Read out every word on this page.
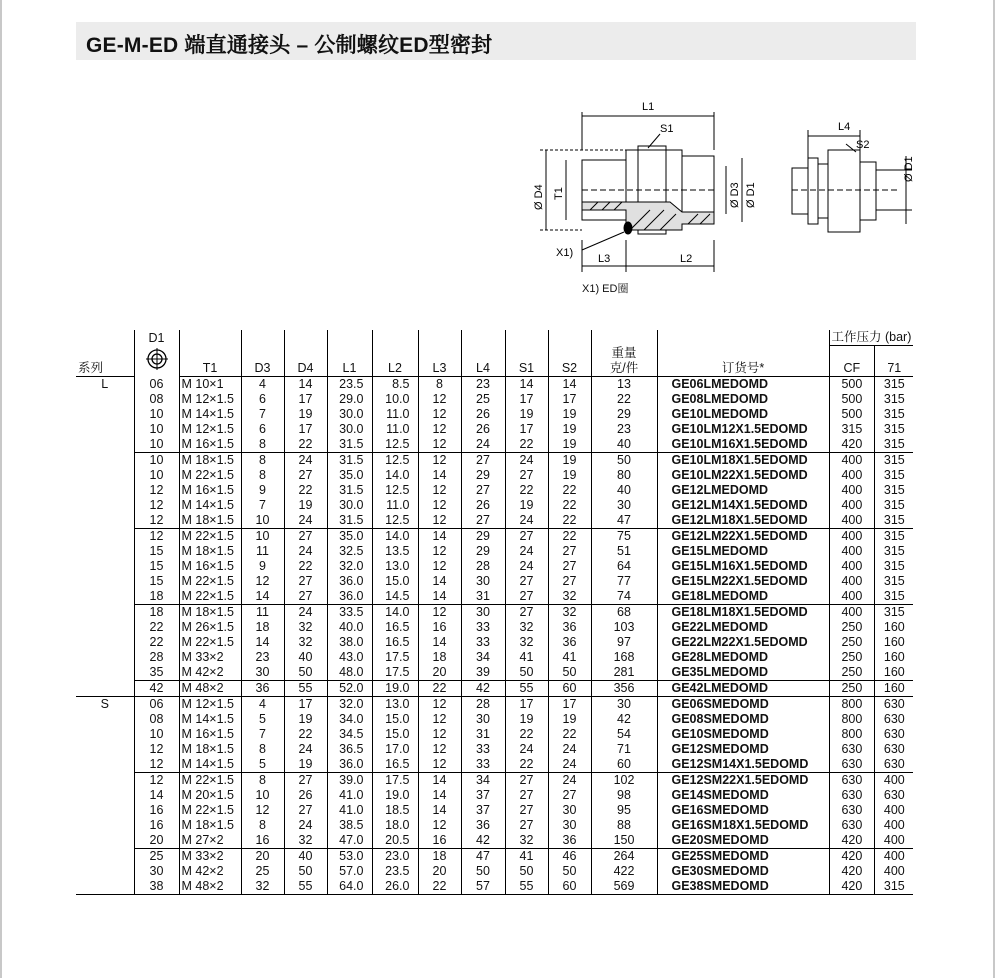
GE-M-ED 端直通接头 – 公制螺纹ED型密封
L1
S1	L4
S2
Ø D4 T1	Ø D3 Ø D1
Ø D1
X1) L3	L2
X1) ED圈
	D1												工作压力 (bar)	
											重量			
系列		T1	D3	D4	L1	L2	L3	L4	S1	S2	克/件	订货号*	CF	71
L	06	M 10×1	4	14	23.5	8.5	8	23	14	14	13	GE06LMEDOMD	500	315
	08	M 12×1.5	6	17	29.0	10.0	12	25	17	17	22	GE08LMEDOMD	500	315
	10	M 14×1.5	7	19	30.0	11.0	12	26	19	19	29	GE10LMEDOMD	500	315
	10	M 12×1.5	6	17	30.0	11.0	12	26	17	19	23	GE10LM12X1.5EDOMD	315	315
	10	M 16×1.5	8	22	31.5	12.5	12	24	22	19	40	GE10LM16X1.5EDOMD	420	315
	10	M 18×1.5	8	24	31.5	12.5	12	27	24	19	50	GE10LM18X1.5EDOMD	400	315
	10	M 22×1.5	8	27	35.0	14.0	14	29	27	19	80	GE10LM22X1.5EDOMD	400	315
	12	M 16×1.5	9	22	31.5	12.5	12	27	22	22	40	GE12LMEDOMD	400	315
	12	M 14×1.5	7	19	30.0	11.0	12	26	19	22	30	GE12LM14X1.5EDOMD	400	315
	12	M 18×1.5	10	24	31.5	12.5	12	27	24	22	47	GE12LM18X1.5EDOMD	400	315
	12	M 22×1.5	10	27	35.0	14.0	14	29	27	22	75	GE12LM22X1.5EDOMD	400	315
	15	M 18×1.5	11	24	32.5	13.5	12	29	24	27	51	GE15LMEDOMD	400	315
	15	M 16×1.5	9	22	32.0	13.0	12	28	24	27	64	GE15LM16X1.5EDOMD	400	315
	15	M 22×1.5	12	27	36.0	15.0	14	30	27	27	77	GE15LM22X1.5EDOMD	400	315
	18	M 22×1.5	14	27	36.0	14.5	14	31	27	32	74	GE18LMEDOMD	400	315
	18	M 18×1.5	11	24	33.5	14.0	12	30	27	32	68	GE18LM18X1.5EDOMD	400	315
	22	M 26×1.5	18	32	40.0	16.5	16	33	32	36	103	GE22LMEDOMD	250	160
	22	M 22×1.5	14	32	38.0	16.5	14	33	32	36	97	GE22LM22X1.5EDOMD	250	160
	28	M 33×2	23	40	43.0	17.5	18	34	41	41	168	GE28LMEDOMD	250	160
	35	M 42×2	30	50	48.0	17.5	20	39	50	50	281	GE35LMEDOMD	250	160
	42	M 48×2	36	55	52.0	19.0	22	42	55	60	356	GE42LMEDOMD	250	160
S	06	M 12×1.5	4	17	32.0	13.0	12	28	17	17	30	GE06SMEDOMD	800	630
	08	M 14×1.5	5	19	34.0	15.0	12	30	19	19	42	GE08SMEDOMD	800	630
	10	M 16×1.5	7	22	34.5	15.0	12	31	22	22	54	GE10SMEDOMD	800	630
	12	M 18×1.5	8	24	36.5	17.0	12	33	24	24	71	GE12SMEDOMD	630	630
	12	M 14×1.5	5	19	36.0	16.5	12	33	22	24	60	GE12SM14X1.5EDOMD	630	630
	12	M 22×1.5	8	27	39.0	17.5	14	34	27	24	102	GE12SM22X1.5EDOMD	630	400
	14	M 20×1.5	10	26	41.0	19.0	14	37	27	27	98	GE14SMEDOMD	630	630
	16	M 22×1.5	12	27	41.0	18.5	14	37	27	30	95	GE16SMEDOMD	630	400
	16	M 18×1.5	8	24	38.5	18.0	12	36	27	30	88	GE16SM18X1.5EDOMD	630	400
	20	M 27×2	16	32	47.0	20.5	16	42	32	36	150	GE20SMEDOMD	420	400
	25	M 33×2	20	40	53.0	23.0	18	47	41	46	264	GE25SMEDOMD	420	400
	30	M 42×2	25	50	57.0	23.5	20	50	50	50	422	GE30SMEDOMD	420	400
	38	M 48×2	32	55	64.0	26.0	22	57	55	60	569	GE38SMEDOMD	420	315
